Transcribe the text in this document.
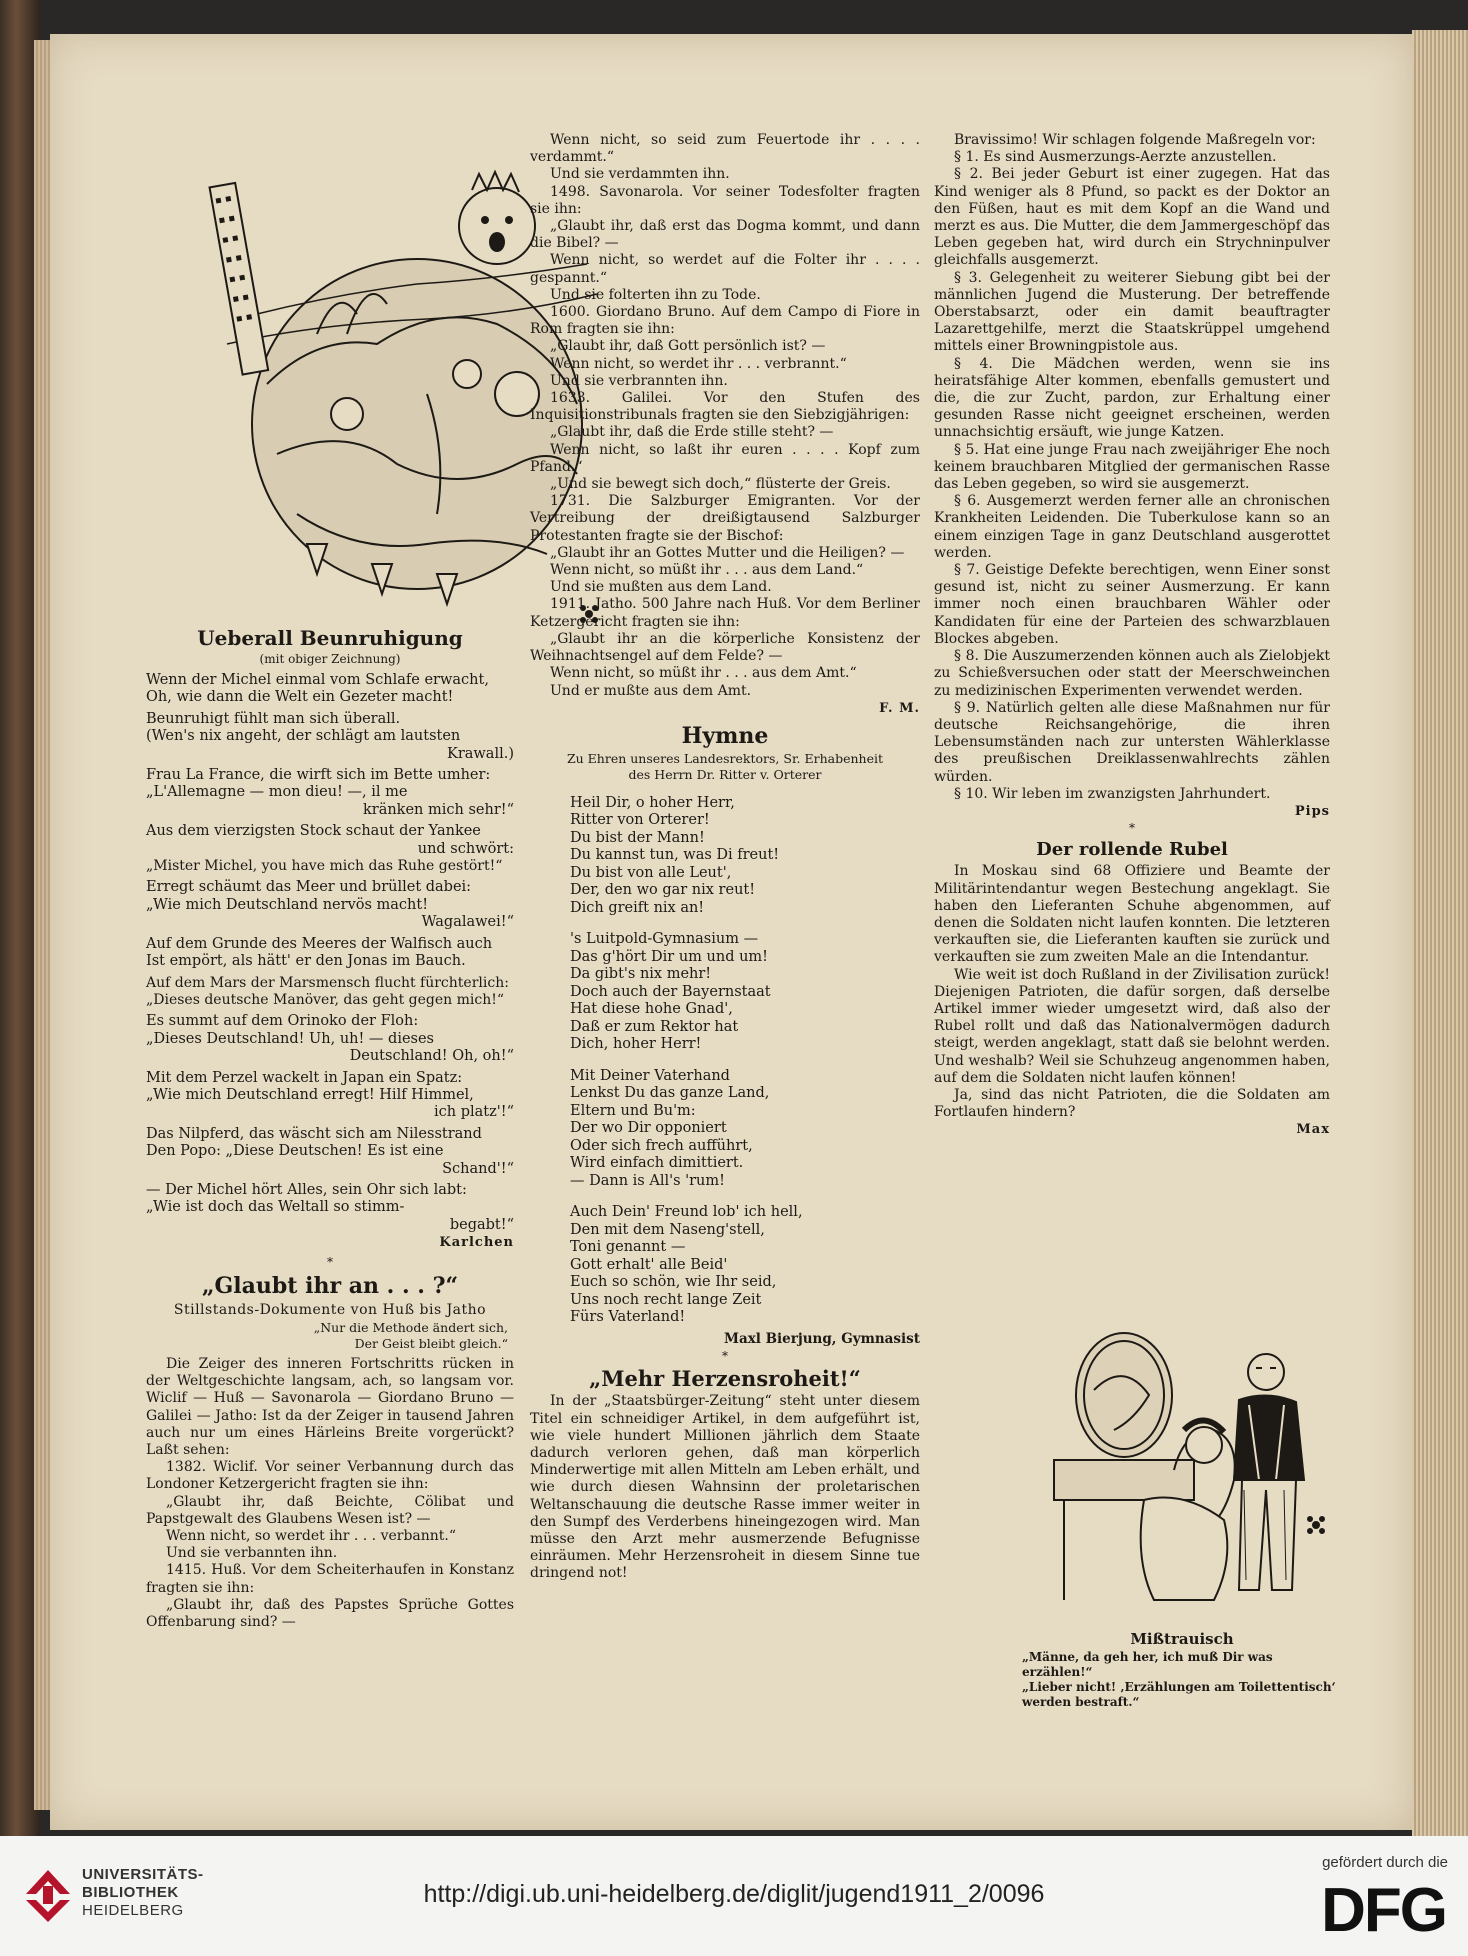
Ueberall Beunruhigung

(mit obiger Zeichnung)

Wenn der Michel einmal vom Schlafe erwacht,

Oh, wie dann die Welt ein Gezeter macht!

Beunruhigt fühlt man sich überall.

(Wen's nix angeht, der schlägt am lautsten

Krawall.)

Frau La France, die wirft sich im Bette umher:

„L'Allemagne — mon dieu! —, il me

kränken mich sehr!“

Aus dem vierzigsten Stock schaut der Yankee

und schwört:

„Mister Michel, you have mich das Ruhe gestört!“

Erregt schäumt das Meer und brüllet dabei:

„Wie mich Deutschland nervös macht!

Wagalawei!“

Auf dem Grunde des Meeres der Walfisch auch

Ist empört, als hätt' er den Jonas im Bauch.

Auf dem Mars der Marsmensch flucht fürchterlich:

„Dieses deutsche Manöver, das geht gegen mich!“

Es summt auf dem Orinoko der Floh:

„Dieses Deutschland! Uh, uh! — dieses

Deutschland! Oh, oh!“

Mit dem Perzel wackelt in Japan ein Spatz:

„Wie mich Deutschland erregt! Hilf Himmel,

ich platz'!“

Das Nilpferd, das wäscht sich am Nilesstrand

Den Popo: „Diese Deutschen! Es ist eine

Schand'!“

— Der Michel hört Alles, sein Ohr sich labt:

„Wie ist doch das Weltall so stimm-

begabt!“

Karlchen

*

„Glaubt ihr an . . . ?“

Stillstands-Dokumente von Huß bis Jatho

„Nur die Methode ändert sich,

Der Geist bleibt gleich.“

Die Zeiger des inneren Fortschritts rücken in der Weltgeschichte langsam, ach, so langsam vor. Wiclif — Huß — Savonarola — Giordano Bruno — Galilei — Jatho: Ist da der Zeiger in tausend Jahren auch nur um eines Härleins Breite vorgerückt? Laßt sehen:

1382. Wiclif. Vor seiner Verbannung durch das Londoner Ketzergericht fragten sie ihn:

„Glaubt ihr, daß Beichte, Cölibat und Papstgewalt des Glaubens Wesen ist? —

Wenn nicht, so werdet ihr . . . verbannt.“

Und sie verbannten ihn.

1415. Huß. Vor dem Scheiterhaufen in Konstanz fragten sie ihn:

„Glaubt ihr, daß des Papstes Sprüche Gottes Offenbarung sind? —

Wenn nicht, so seid zum Feuertode ihr . . . . verdammt.“

Und sie verdammten ihn.

1498. Savonarola. Vor seiner Todesfolter fragten sie ihn:

„Glaubt ihr, daß erst das Dogma kommt, und dann die Bibel? —

Wenn nicht, so werdet auf die Folter ihr . . . . gespannt.“

Und sie folterten ihn zu Tode.

1600. Giordano Bruno. Auf dem Campo di Fiore in Rom fragten sie ihn:

„Glaubt ihr, daß Gott persönlich ist? —

Wenn nicht, so werdet ihr . . . verbrannt.“

Und sie verbrannten ihn.

1633. Galilei. Vor den Stufen des Inquisitionstribunals fragten sie den Siebzigjährigen:

„Glaubt ihr, daß die Erde stille steht? —

Wenn nicht, so laßt ihr euren . . . . Kopf zum Pfand.“

„Und sie bewegt sich doch,“ flüsterte der Greis.

1731. Die Salzburger Emigranten. Vor der Vertreibung der dreißigtausend Salzburger Protestanten fragte sie der Bischof:

„Glaubt ihr an Gottes Mutter und die Heiligen? —

Wenn nicht, so müßt ihr . . . aus dem Land.“

Und sie mußten aus dem Land.

1911. Jatho. 500 Jahre nach Huß. Vor dem Berliner Ketzergericht fragten sie ihn:

„Glaubt ihr an die körperliche Konsistenz der Weihnachtsengel auf dem Felde? —

Wenn nicht, so müßt ihr . . . aus dem Amt.“

Und er mußte aus dem Amt.

F. M.

Hymne

Zu Ehren unseres Landesrektors, Sr. Erhabenheit

des Herrn Dr. Ritter v. Orterer

Heil Dir, o hoher Herr,

Ritter von Orterer!

Du bist der Mann!

Du kannst tun, was Di freut!

Du bist von alle Leut',

Der, den wo gar nix reut!

Dich greift nix an!

's Luitpold-Gymnasium —

Das g'hört Dir um und um!

Da gibt's nix mehr!

Doch auch der Bayernstaat

Hat diese hohe Gnad',

Daß er zum Rektor hat

Dich, hoher Herr!

Mit Deiner Vaterhand

Lenkst Du das ganze Land,

Eltern und Bu'm:

Der wo Dir opponiert

Oder sich frech aufführt,

Wird einfach dimittiert.

— Dann is All's 'rum!

Auch Dein' Freund lob' ich hell,

Den mit dem Naseng'stell,

Toni genannt —

Gott erhalt' alle Beid'

Euch so schön, wie Ihr seid,

Uns noch recht lange Zeit

Fürs Vaterland!

Maxl Bierjung, Gymnasist

*

„Mehr Herzensroheit!“

In der „Staatsbürger-Zeitung“ steht unter diesem Titel ein schneidiger Artikel, in dem aufgeführt ist, wie viele hundert Millionen jährlich dem Staate dadurch verloren gehen, daß man körperlich Minderwertige mit allen Mitteln am Leben erhält, und wie durch diesen Wahnsinn der proletarischen Weltanschauung die deutsche Rasse immer weiter in den Sumpf des Verderbens hineingezogen wird. Man müsse den Arzt mehr ausmerzende Befugnisse einräumen. Mehr Herzensroheit in diesem Sinne tue dringend not!

Bravissimo! Wir schlagen folgende Maßregeln vor:

§ 1. Es sind Ausmerzungs-Aerzte anzustellen.

§ 2. Bei jeder Geburt ist einer zugegen. Hat das Kind weniger als 8 Pfund, so packt es der Doktor an den Füßen, haut es mit dem Kopf an die Wand und merzt es aus. Die Mutter, die dem Jammergeschöpf das Leben gegeben hat, wird durch ein Strychninpulver gleichfalls ausgemerzt.

§ 3. Gelegenheit zu weiterer Siebung gibt bei der männlichen Jugend die Musterung. Der betreffende Oberstabsarzt, oder ein damit beauftragter Lazarettgehilfe, merzt die Staatskrüppel umgehend mittels einer Browningpistole aus.

§ 4. Die Mädchen werden, wenn sie ins heiratsfähige Alter kommen, ebenfalls gemustert und die, die zur Zucht, pardon, zur Erhaltung einer gesunden Rasse nicht geeignet erscheinen, werden unnachsichtig ersäuft, wie junge Katzen.

§ 5. Hat eine junge Frau nach zweijähriger Ehe noch keinem brauchbaren Mitglied der germanischen Rasse das Leben gegeben, so wird sie ausgemerzt.

§ 6. Ausgemerzt werden ferner alle an chronischen Krankheiten Leidenden. Die Tuberkulose kann so an einem einzigen Tage in ganz Deutschland ausgerottet werden.

§ 7. Geistige Defekte berechtigen, wenn Einer sonst gesund ist, nicht zu seiner Ausmerzung. Er kann immer noch einen brauchbaren Wähler oder Kandidaten für eine der Parteien des schwarzblauen Blockes abgeben.

§ 8. Die Auszumerzenden können auch als Zielobjekt zu Schießversuchen oder statt der Meerschweinchen zu medizinischen Experimenten verwendet werden.

§ 9. Natürlich gelten alle diese Maßnahmen nur für deutsche Reichsangehörige, die ihren Lebensumständen nach zur untersten Wählerklasse des preußischen Dreiklassenwahlrechts zählen würden.

§ 10. Wir leben im zwanzigsten Jahrhundert.

Pips

*

Der rollende Rubel

In Moskau sind 68 Offiziere und Beamte der Militärintendantur wegen Bestechung angeklagt. Sie haben den Lieferanten Schuhe abgenommen, auf denen die Soldaten nicht laufen konnten. Die letzteren verkauften sie, die Lieferanten kauften sie zurück und verkauften sie zum zweiten Male an die Intendantur.

Wie weit ist doch Rußland in der Zivilisation zurück! Diejenigen Patrioten, die dafür sorgen, daß derselbe Artikel immer wieder umgesetzt wird, daß also der Rubel rollt und daß das Nationalvermögen dadurch steigt, werden angeklagt, statt daß sie belohnt werden. Und weshalb? Weil sie Schuhzeug angenommen haben, auf dem die Soldaten nicht laufen können!

Ja, sind das nicht Patrioten, die die Soldaten am Fortlaufen hindern?

Max

Mißtrauisch

„Männe, da geh her, ich muß Dir was erzählen!“

„Lieber nicht! ‚Erzählungen am Toilettentisch‘ werden bestraft.“

UNIVERSITÄTS-
BIBLIOTHEK
HEIDELBERG
http://digi.ub.uni-heidelberg.de/diglit/jugend1911_2/0096
gefördert durch die
DFG
